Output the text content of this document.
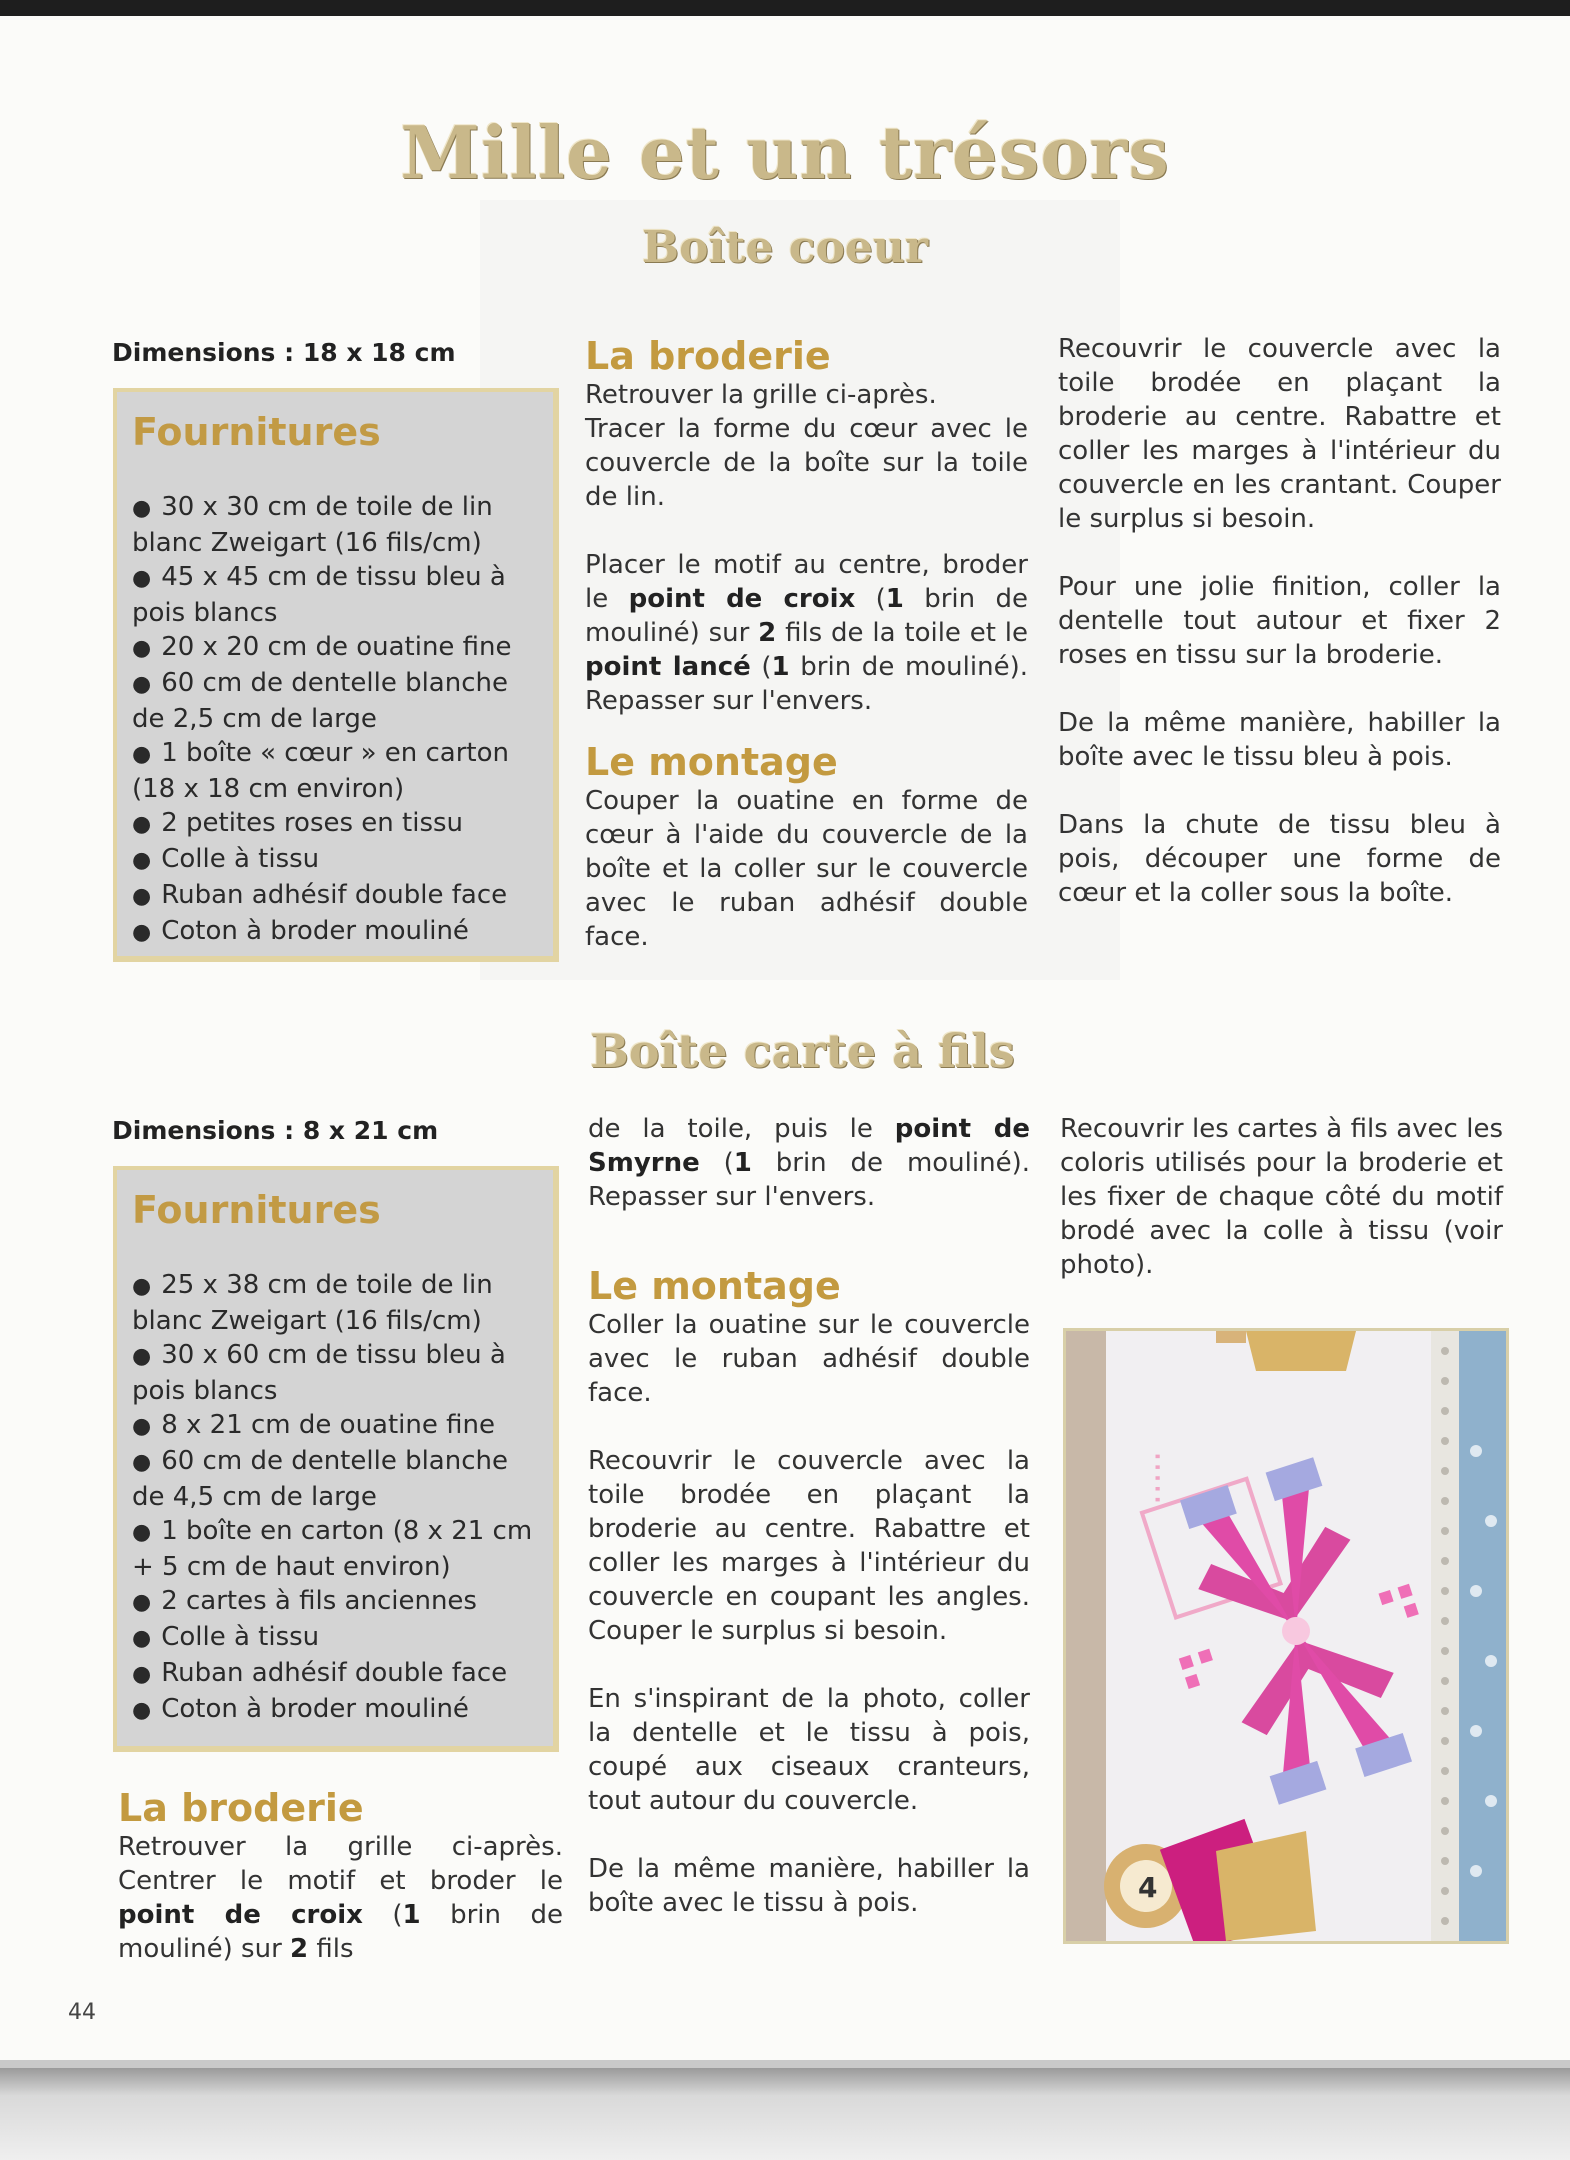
Mille et un trésors
Boîte coeur
Dimensions : 18 x 18 cm
Fournitures
● 30 x 30 cm de toile de lin blanc Zweigart (16 fils/cm)
● 45 x 45 cm de tissu bleu à pois blancs
● 20 x 20 cm de ouatine fine
● 60 cm de dentelle blanche de 2,5 cm de large
● 1 boîte « cœur » en carton (18 x 18 cm environ)
● 2 petites roses en tissu
● Colle à tissu
● Ruban adhésif double face
● Coton à broder mouliné
La broderie

Retrouver la grille ci-après.

Tracer la forme du cœur avec le couvercle de la boîte sur la toile de lin.

Placer le motif au centre, broder le point de croix (1 brin de mouliné) sur 2 fils de la toile et le point lancé (1 brin de mouliné). Repasser sur l'envers.

Le montage

Couper la ouatine en forme de cœur à l'aide du couvercle de la boîte et la coller sur le couvercle avec le ruban adhésif double face.

Recouvrir le couvercle avec la toile brodée en plaçant la broderie au centre. Rabattre et coller les marges à l'intérieur du couvercle en les crantant. Couper le surplus si besoin.

Pour une jolie finition, coller la dentelle tout autour et fixer 2 roses en tissu sur la broderie.

De la même manière, habiller la boîte avec le tissu bleu à pois.

Dans la chute de tissu bleu à pois, découper une forme de cœur et la coller sous la boîte.

Boîte carte à fils
Dimensions : 8 x 21 cm
Fournitures
● 25 x 38 cm de toile de lin blanc Zweigart (16 fils/cm)
● 30 x 60 cm de tissu bleu à pois blancs
● 8 x 21 cm de ouatine fine
● 60 cm de dentelle blanche de 4,5 cm de large
● 1 boîte en carton (8 x 21 cm + 5 cm de haut environ)
● 2 cartes à fils anciennes
● Colle à tissu
● Ruban adhésif double face
● Coton à broder mouliné
La broderie

Retrouver la grille ci-après. Centrer le motif et broder le point de croix (1 brin de mouliné) sur 2 fils

de la toile, puis le point de Smyrne (1 brin de mouliné). Repasser sur l'envers.

Le montage

Coller la ouatine sur le couvercle avec le ruban adhésif double face.

Recouvrir le couvercle avec la toile brodée en plaçant la broderie au centre. Rabattre et coller les marges à l'intérieur du couvercle en coupant les angles. Couper le surplus si besoin.

En s'inspirant de la photo, coller la dentelle et le tissu à pois, coupé aux ciseaux cranteurs, tout autour du couvercle.

De la même manière, habiller la boîte avec le tissu à pois.

Recouvrir les cartes à fils avec les coloris utilisés pour la broderie et les fixer de chaque côté du motif brodé avec la colle à tissu (voir photo).

·····
4
44
